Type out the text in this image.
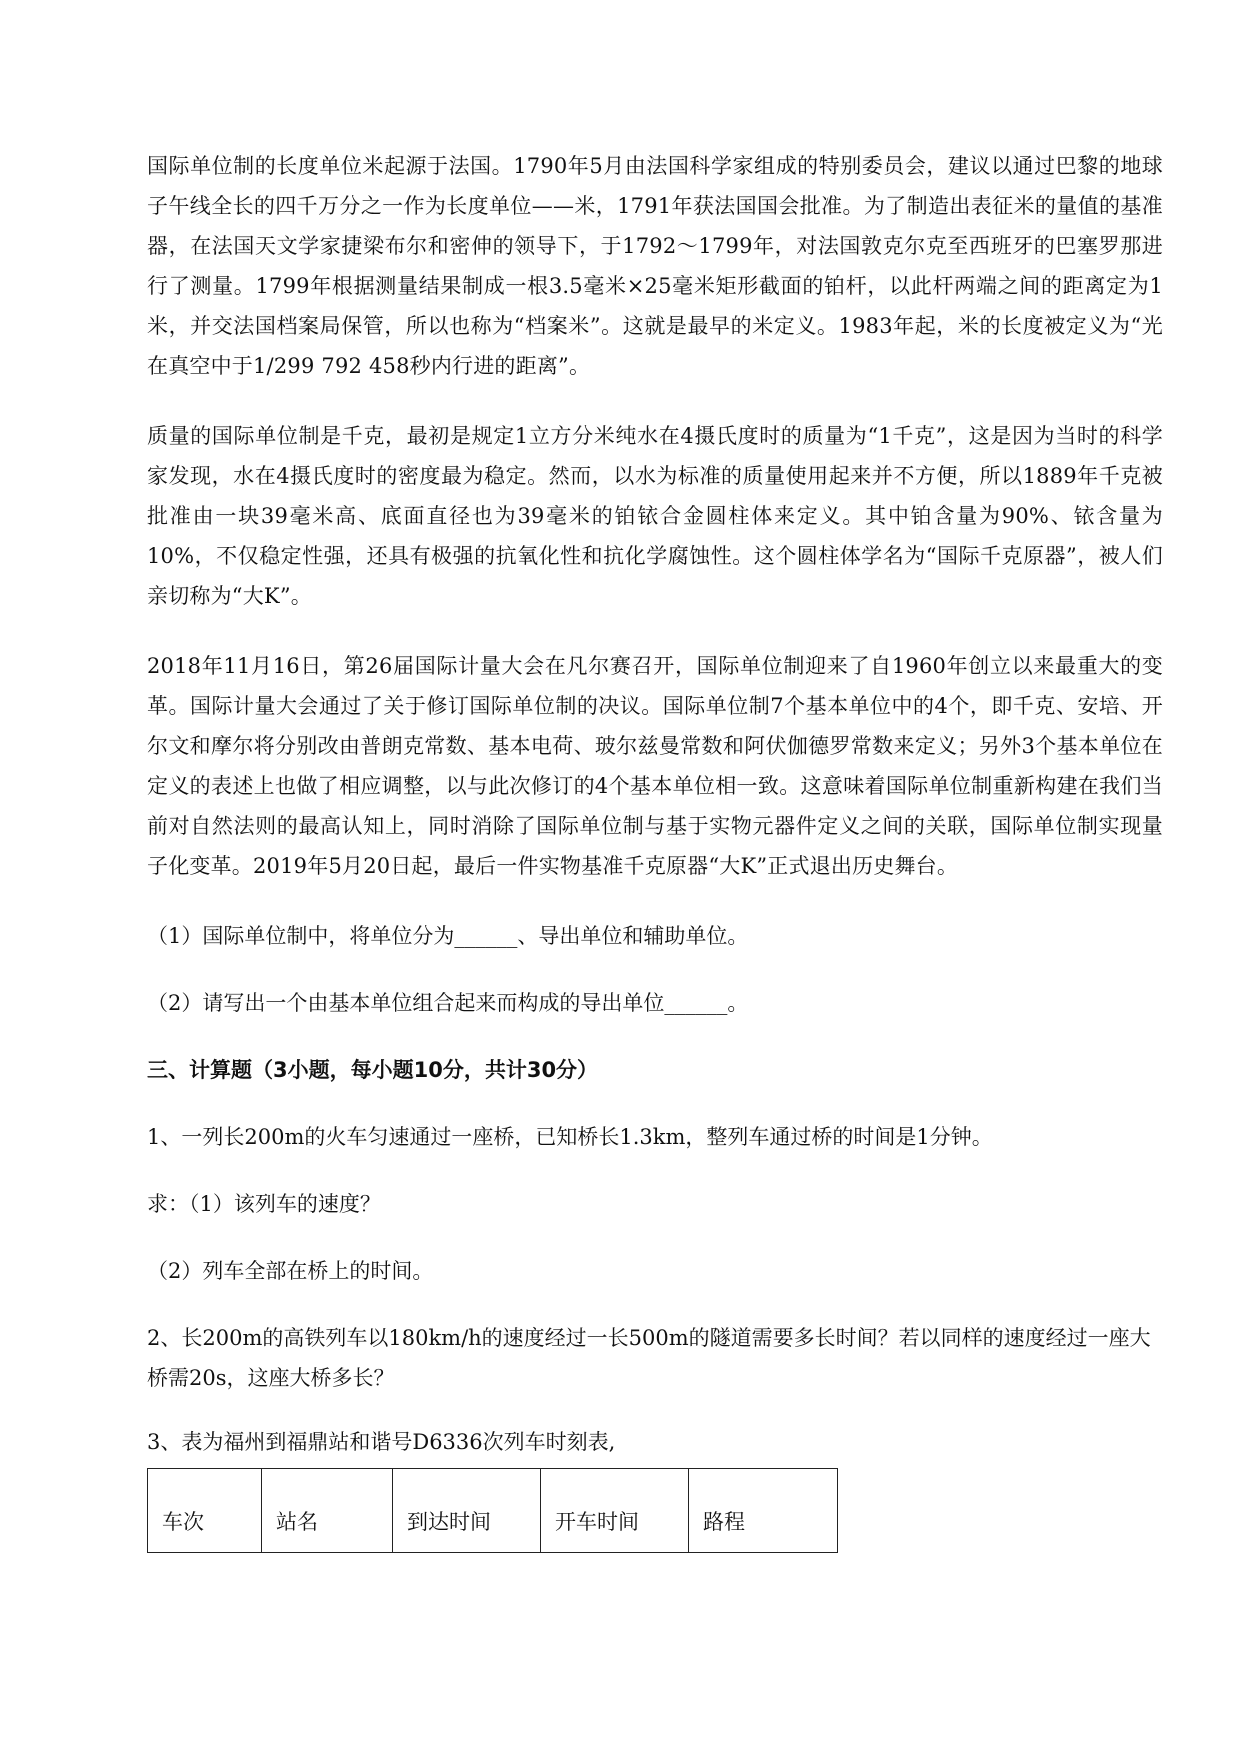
国际单位制的长度单位米起源于法国。1790年5月由法国科学家组成的特别委员会，建议以通过巴黎的地球子午线全长的四千万分之一作为长度单位——米，1791年获法国国会批准。为了制造出表征米的量值的基准器，在法国天文学家捷梁布尔和密伸的领导下，于1792～1799年，对法国敦克尔克至西班牙的巴塞罗那进行了测量。1799年根据测量结果制成一根3.5毫米×25毫米矩形截面的铂杆，以此杆两端之间的距离定为1米，并交法国档案局保管，所以也称为“档案米”。这就是最早的米定义。1983年起，米的长度被定义为“光在真空中于1/299 792 458秒内行进的距离”。

质量的国际单位制是千克，最初是规定1立方分米纯水在4摄氏度时的质量为“1千克”，这是因为当时的科学家发现，水在4摄氏度时的密度最为稳定。然而，以水为标准的质量使用起来并不方便，所以1889年千克被批准由一块39毫米高、底面直径也为39毫米的铂铱合金圆柱体来定义。其中铂含量为90%、铱含量为10%，不仅稳定性强，还具有极强的抗氧化性和抗化学腐蚀性。这个圆柱体学名为“国际千克原器”，被人们亲切称为“大K”。

2018年11月16日，第26届国际计量大会在凡尔赛召开，国际单位制迎来了自1960年创立以来最重大的变革。国际计量大会通过了关于修订国际单位制的决议。国际单位制7个基本单位中的4个，即千克、安培、开尔文和摩尔将分别改由普朗克常数、基本电荷、玻尔兹曼常数和阿伏伽德罗常数来定义；另外3个基本单位在定义的表述上也做了相应调整，以与此次修订的4个基本单位相一致。这意味着国际单位制重新构建在我们当前对自然法则的最高认知上，同时消除了国际单位制与基于实物元器件定义之间的关联，国际单位制实现量子化变革。2019年5月20日起，最后一件实物基准千克原器“大K”正式退出历史舞台。

（1）国际单位制中，将单位分为______、导出单位和辅助单位。

（2）请写出一个由基本单位组合起来而构成的导出单位______。

三、计算题（3小题，每小题10分，共计30分）

1、一列长200m的火车匀速通过一座桥，已知桥长1.3km，整列车通过桥的时间是1分钟。

求：（1）该列车的速度？

（2）列车全部在桥上的时间。

2、长200m的高铁列车以180km/h的速度经过一长500m的隧道需要多长时间？若以同样的速度经过一座大桥需20s，这座大桥多长？

3、表为福州到福鼎站和谐号D6336次列车时刻表,

车次	站名	到达时间	开车时间	路程
